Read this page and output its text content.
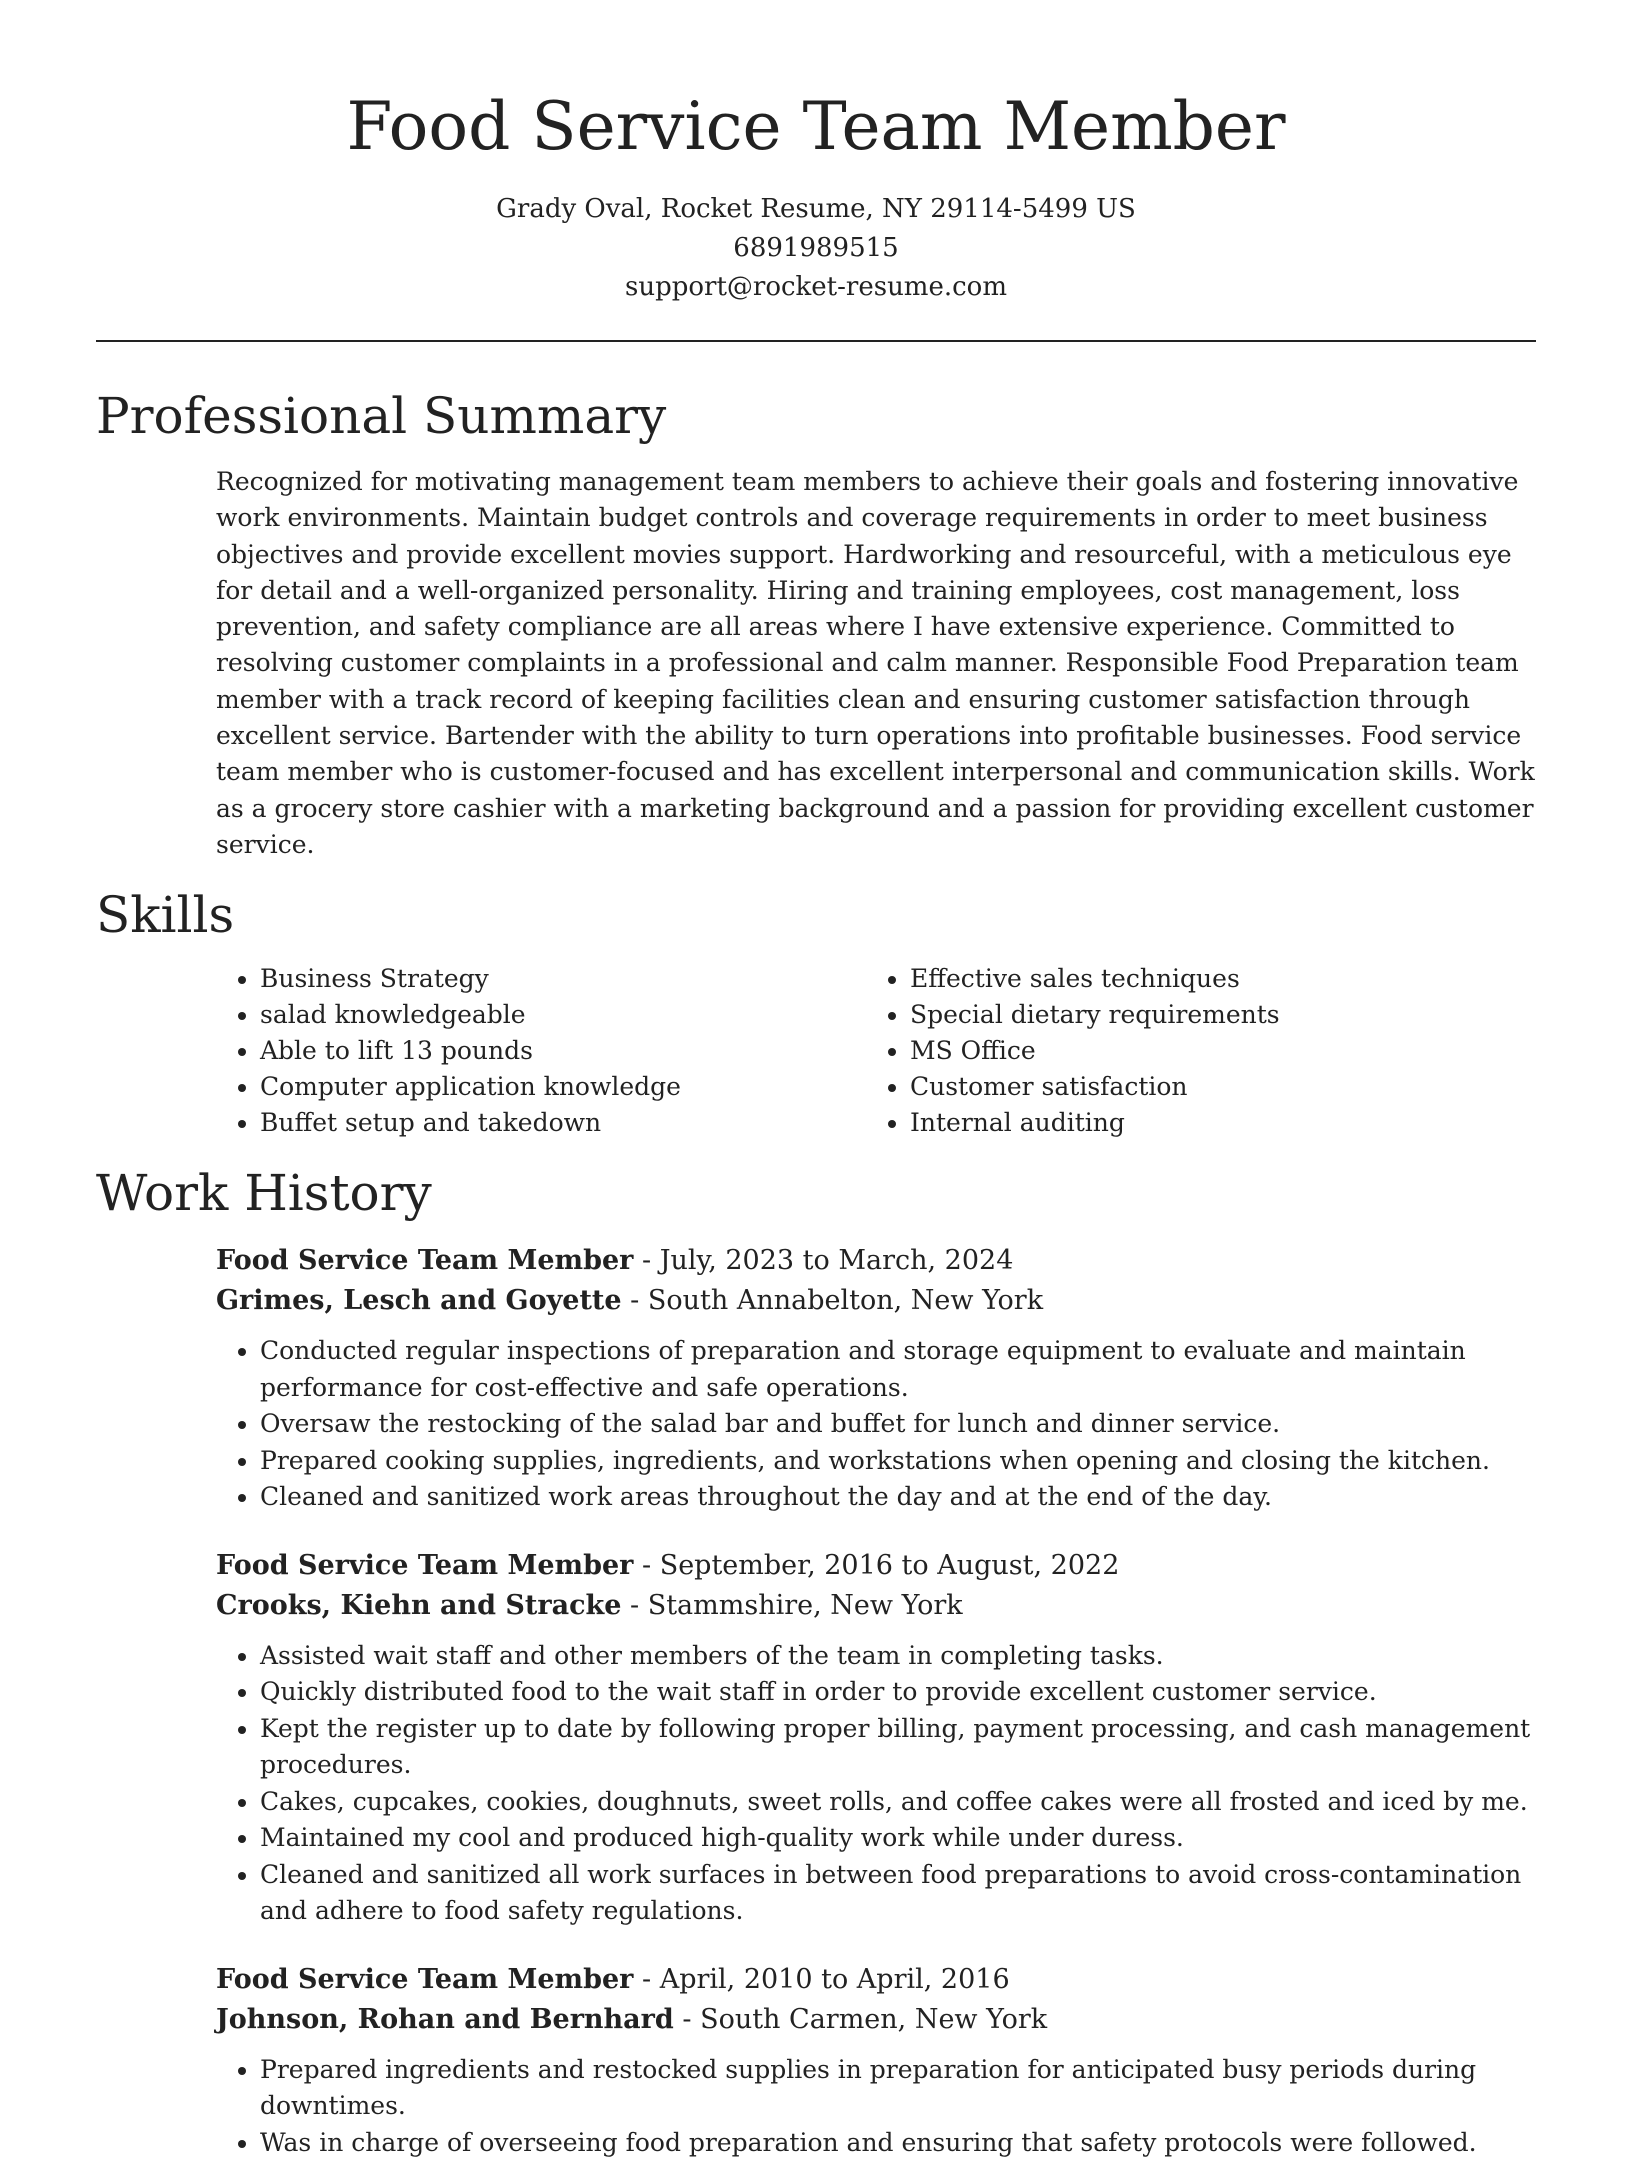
Food Service Team Member
Grady Oval, Rocket Resume, NY 29114-5499 US
6891989515
support@rocket-resume.com
Professional Summary

Recognized for motivating management team members to achieve their goals and fostering innovative work environments. Maintain budget controls and coverage requirements in order to meet business objectives and provide excellent movies support. Hardworking and resourceful, with a meticulous eye for detail and a well-organized personality. Hiring and training employees, cost management, loss prevention, and safety compliance are all areas where I have extensive experience. Committed to resolving customer complaints in a professional and calm manner. Responsible Food Preparation team member with a track record of keeping facilities clean and ensuring customer satisfaction through excellent service. Bartender with the ability to turn operations into profitable businesses. Food service team member who is customer-focused and has excellent interpersonal and communication skills. Work as a grocery store cashier with a marketing background and a passion for providing excellent customer service.

Skills
• Business Strategy
• salad knowledgeable
• Able to lift 13 pounds
• Computer application knowledge
• Buffet setup and takedown
• Effective sales techniques
• Special dietary requirements
• MS Office
• Customer satisfaction
• Internal auditing
Work History
Food Service Team Member - July, 2023 to March, 2024
Grimes, Lesch and Goyette - South Annabelton, New York
• Conducted regular inspections of preparation and storage equipment to evaluate and maintain performance for cost-effective and safe operations.
• Oversaw the restocking of the salad bar and buffet for lunch and dinner service.
• Prepared cooking supplies, ingredients, and workstations when opening and closing the kitchen.
• Cleaned and sanitized work areas throughout the day and at the end of the day.
Food Service Team Member - September, 2016 to August, 2022
Crooks, Kiehn and Stracke - Stammshire, New York
• Assisted wait staff and other members of the team in completing tasks.
• Quickly distributed food to the wait staff in order to provide excellent customer service.
• Kept the register up to date by following proper billing, payment processing, and cash management procedures.
• Cakes, cupcakes, cookies, doughnuts, sweet rolls, and coffee cakes were all frosted and iced by me.
• Maintained my cool and produced high-quality work while under duress.
• Cleaned and sanitized all work surfaces in between food preparations to avoid cross-contamination and adhere to food safety regulations.
Food Service Team Member - April, 2010 to April, 2016
Johnson, Rohan and Bernhard - South Carmen, New York
• Prepared ingredients and restocked supplies in preparation for anticipated busy periods during downtimes.
• Was in charge of overseeing food preparation and ensuring that safety protocols were followed.
